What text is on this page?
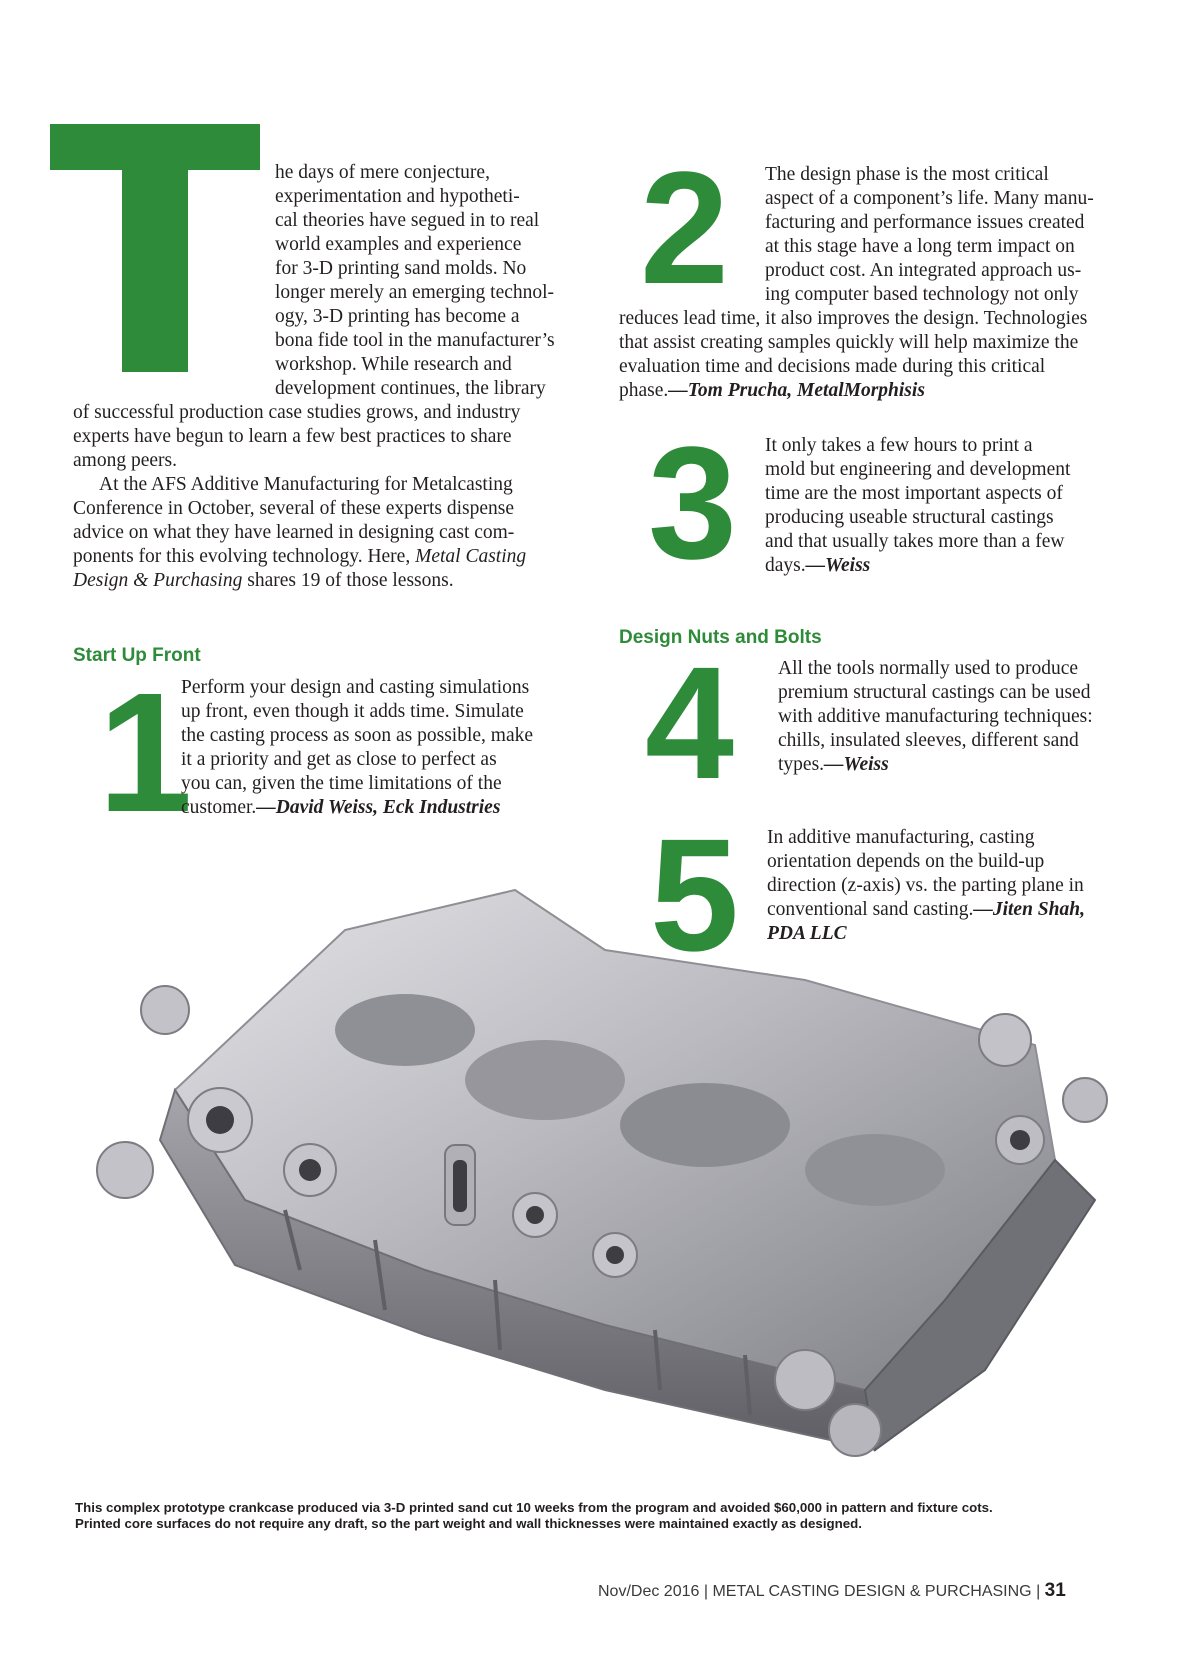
he days of mere conjecture,
experimentation and hypotheti-
cal theories have segued in to real
world examples and experience
for 3-D printing sand molds. No
longer merely an emerging technol-
ogy, 3-D printing has become a
bona fide tool in the manufacturer’s
workshop. While research and
development continues, the library
of successful production case studies grows, and industry
experts have begun to learn a few best practices to share
among peers.
At the AFS Additive Manufacturing for Metalcasting
Conference in October, several of these experts dispense
advice on what they have learned in designing cast com-
ponents for this evolving technology. Here, Metal Casting
Design & Purchasing shares 19 of those lessons.
Start Up Front
1
Perform your design and casting simulations
up front, even though it adds time. Simulate
the casting process as soon as possible, make
it a priority and get as close to perfect as
you can, given the time limitations of the
customer.—David Weiss, Eck Industries
2 The design phase is the most critical
aspect of a component’s life. Many manu-
facturing and performance issues created
at this stage have a long term impact on
product cost. An integrated approach us-
ing computer based technology not only
reduces lead time, it also improves the design. Technologies
that assist creating samples quickly will help maximize the
evaluation time and decisions made during this critical
phase.—Tom Prucha, MetalMorphisis
3 It only takes a few hours to print a
mold but engineering and development
time are the most important aspects of
producing useable structural castings
and that usually takes more than a few
days.—Weiss
Design Nuts and Bolts
4 All the tools normally used to produce
premium structural castings can be used
with additive manufacturing techniques:
chills, insulated sleeves, different sand
types.—Weiss
5 In additive manufacturing, casting
orientation depends on the build-up
direction (z-axis) vs. the parting plane in
conventional sand casting.—Jiten Shah,
PDA LLC
This complex prototype crankcase produced via 3-D printed sand cut 10 weeks from the program and avoided $60,000 in pattern and fixture cots. Printed core surfaces do not require any draft, so the part weight and wall thicknesses were maintained exactly as designed.
Nov/Dec 2016 | METAL CASTING DESIGN & PURCHASING | 31
